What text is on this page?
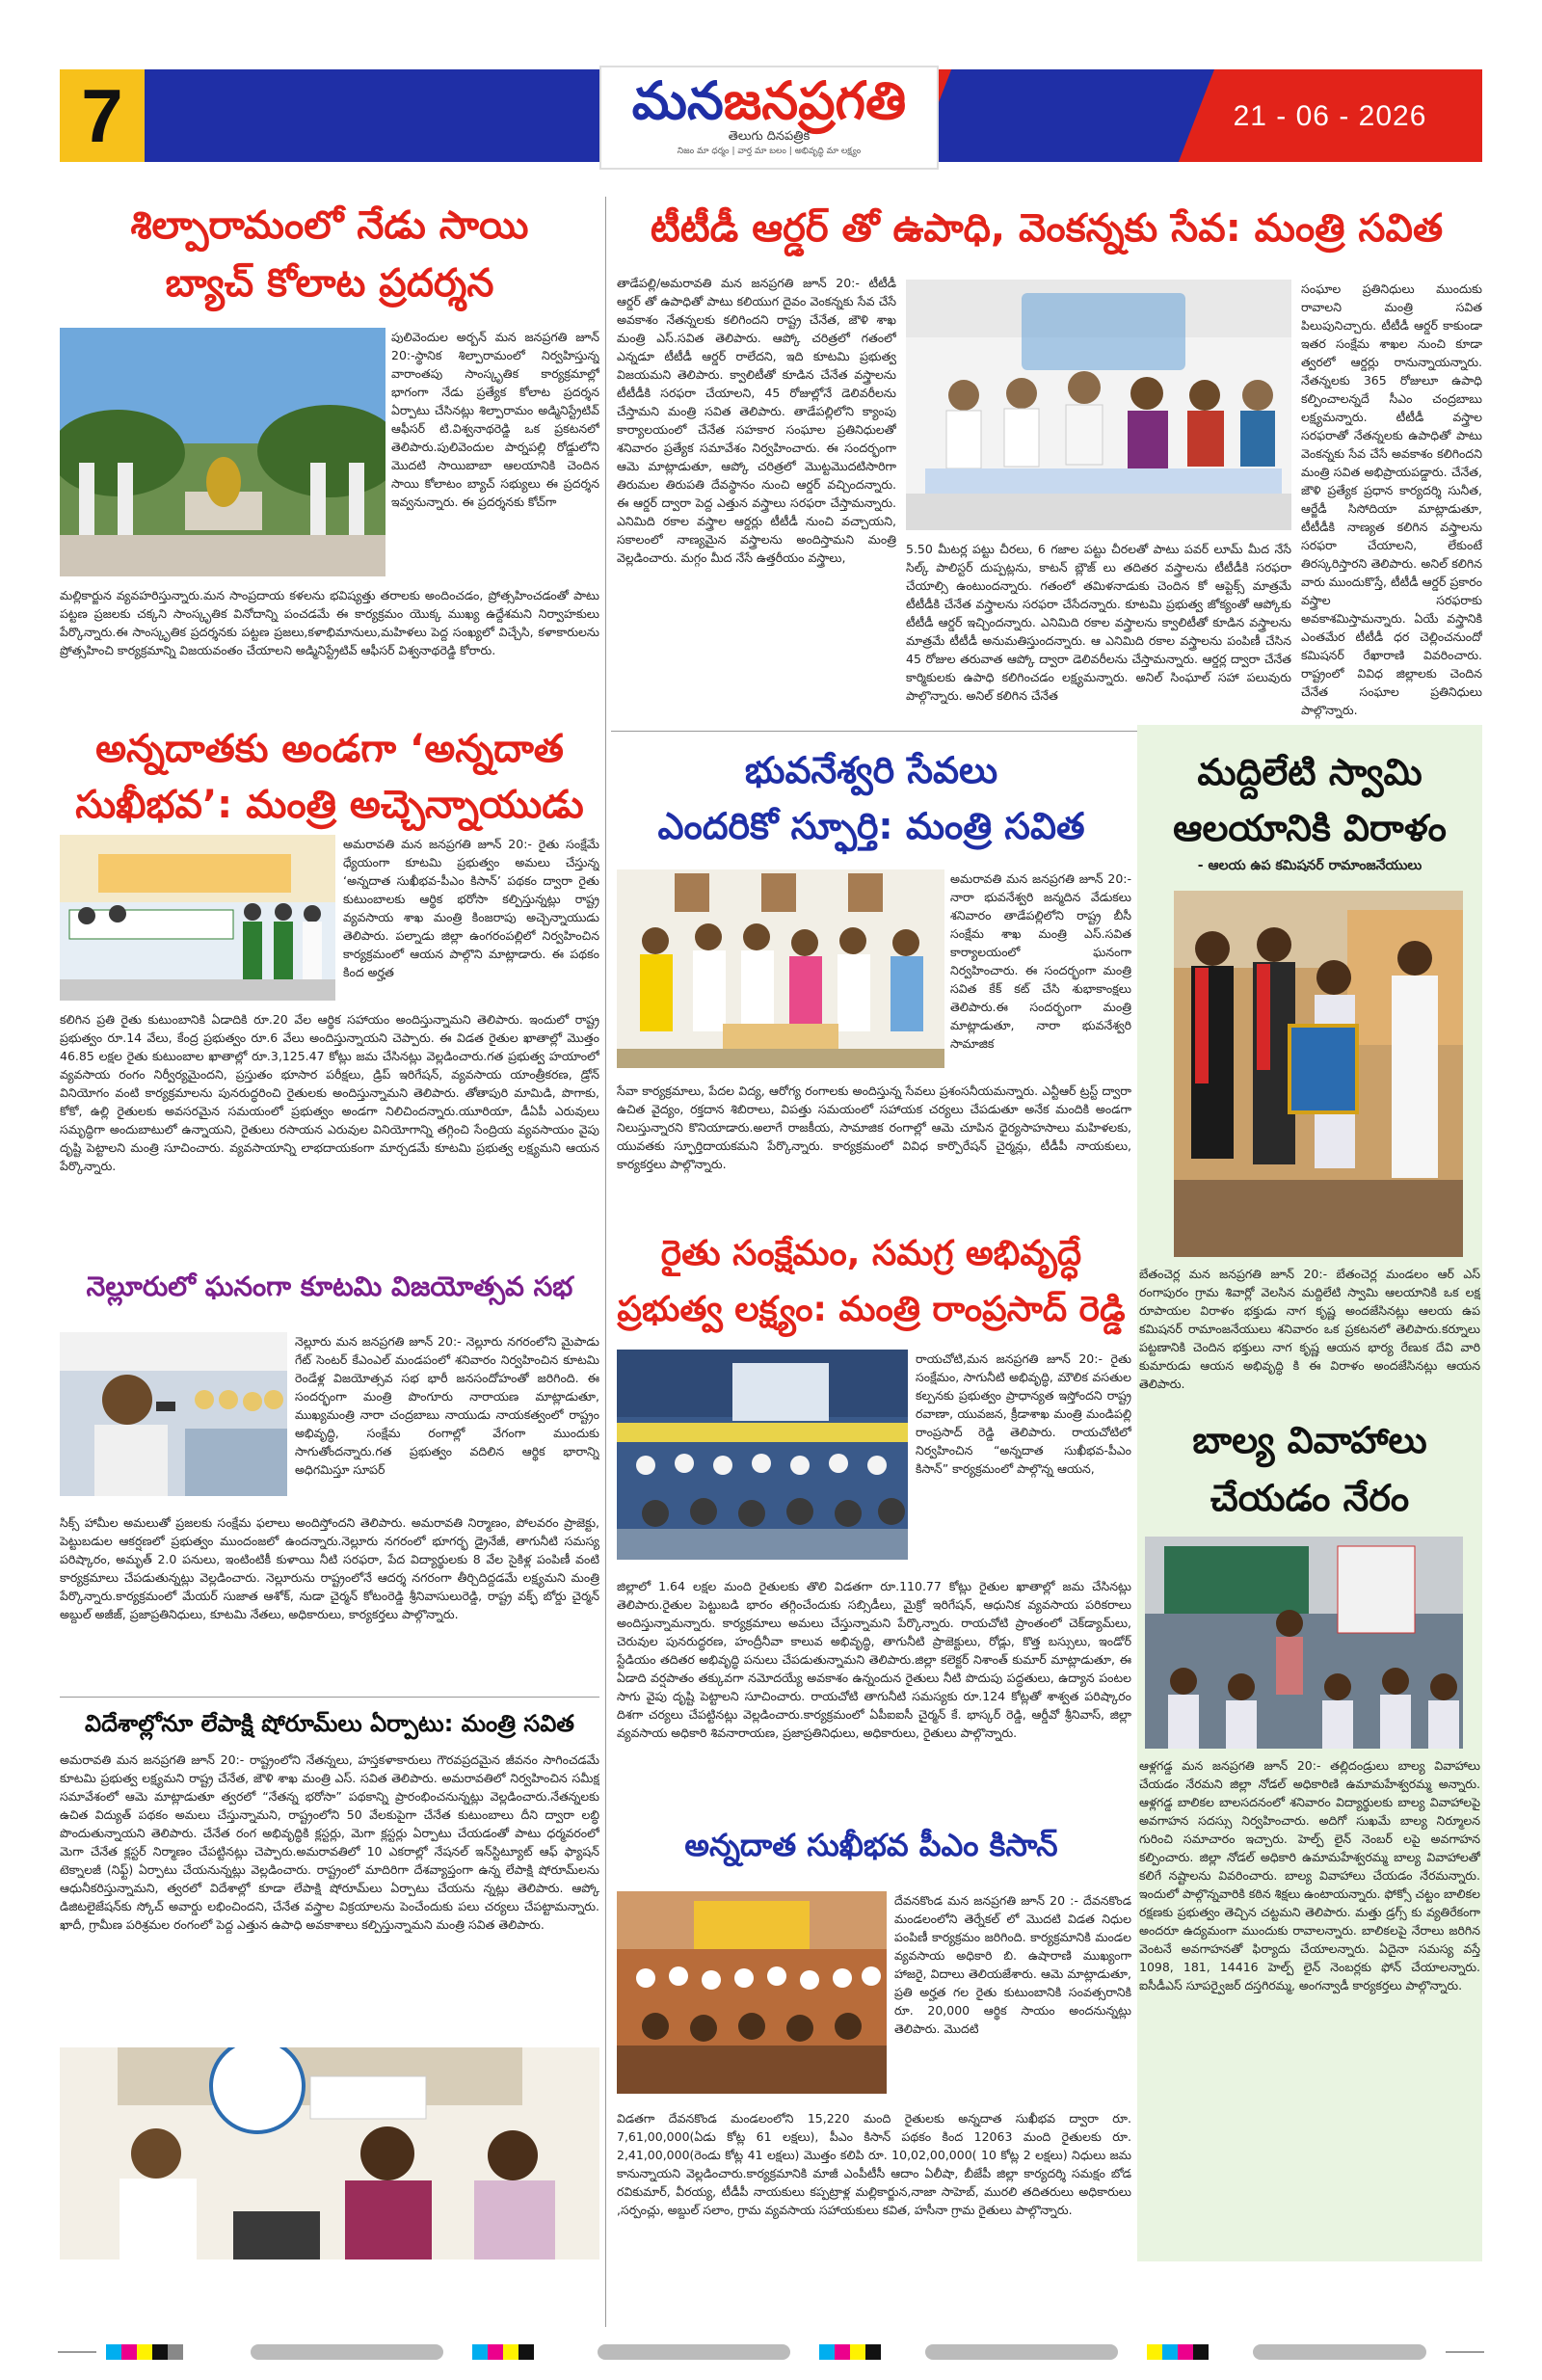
7	మనజనప్రగతి
తెలుగు దినపత్రిక
నిజం మా ధర్మం | వార్త మా బలం | అభివృద్ధి మా లక్ష్యం
21 - 06 - 2026
శిల్పారామంలో నేడు సాయి
బ్యాచ్ కోలాట ప్రదర్శన
పులివెందుల అర్బన్ మన జనప్రగతి జూన్ 20:-స్థానిక శిల్పారామంలో నిర్వహిస్తున్న వారాంతపు సాంస్కృతిక కార్యక్రమాల్లో భాగంగా నేడు ప్రత్యేక కోలాట ప్రదర్శన ఏర్పాటు చేసినట్లు శిల్పారామం అడ్మినిస్ట్రేటివ్ ఆఫీసర్ టి.విశ్వనాథరెడ్డి ఒక ప్రకటనలో తెలిపారు.పులివెందుల పార్నపల్లి రోడ్డులోని మొదటి సాయిబాబా ఆలయానికి చెందిన సాయి కోలాటం బ్యాచ్ సభ్యులు ఈ ప్రదర్శన ఇవ్వనున్నారు. ఈ ప్రదర్శనకు కోచ్‌గా
మల్లికార్జున వ్యవహరిస్తున్నారు.మన సాంప్రదాయ కళలను భవిష్యత్తు తరాలకు అందించడం, ప్రోత్సహించడంతో పాటు పట్టణ ప్రజలకు చక్కని సాంస్కృతిక వినోదాన్ని పంచడమే ఈ కార్యక్రమం యొక్క ముఖ్య ఉద్దేశమని నిర్వాహకులు పేర్కొన్నారు.ఈ సాంస్కృతిక ప్రదర్శనకు పట్టణ ప్రజలు,కళాభిమానులు,మహిళలు పెద్ద సంఖ్యలో విచ్చేసి, కళాకారులను ప్రోత్సహించి కార్యక్రమాన్ని విజయవంతం చేయాలని అడ్మినిస్ట్రేటివ్ ఆఫీసర్ విశ్వనాథరెడ్డి కోరారు.
టీటీడీ ఆర్డర్ తో ఉపాధి, వెంకన్నకు సేవ: మంత్రి సవిత
తాడేపల్లి/అమరావతి మన జనప్రగతి జూన్ 20:- టీటీడీ ఆర్డర్ తో ఉపాధితో పాటు కలియుగ దైవం వెంకన్నకు సేవ చేసే అవకాశం నేతన్నలకు కలిగిందని రాష్ట్ర చేనేత, జౌళి శాఖ మంత్రి ఎస్.సవిత తెలిపారు. ఆప్కో చరిత్రలో గతంలో ఎన్నడూ టీటీడీ ఆర్డర్ రాలేదని, ఇది కూటమి ప్రభుత్వ విజయమని తెలిపారు. క్వాలిటీతో కూడిన చేనేత వస్త్రాలను టీటీడీకి సరఫరా చేయాలని, 45 రోజుల్లోనే డెలివరీలను చేస్తామని మంత్రి సవిత తెలిపారు. తాడేపల్లిలోని క్యాంపు కార్యాలయంలో చేనేత సహకార సంఘాల ప్రతినిధులతో శనివారం ప్రత్యేక సమావేశం నిర్వహించారు. ఈ సందర్భంగా ఆమె మాట్లాడుతూ, ఆప్కో చరిత్రలో మొట్టమొదటిసారిగా తిరుమల తిరుపతి దేవస్థానం నుంచి ఆర్డర్ వచ్చిందన్నారు. ఈ ఆర్డర్ ద్వారా పెద్ద ఎత్తున వస్త్రాలు సరఫరా చేస్తామన్నారు. ఎనిమిది రకాల వస్త్రాల ఆర్డర్లు టీటీడీ నుంచి వచ్చాయని, సకాలంలో నాణ్యమైన వస్త్రాలను అందిస్తామని మంత్రి వెల్లడించారు. మగ్గం మీద నేసే ఉత్తరీయం వస్త్రాలు,
5.50 మీటర్ల పట్టు చీరలు, 6 గజాల పట్టు చీరలతో పాటు పవర్ లూమ్ మీద నేసే సిల్క్ పాలిస్టర్ దుప్పట్లను, కాటన్ బ్లౌజ్ లు తదితర వస్త్రాలను టీటీడీకి సరఫరా చేయాల్సి ఉంటుందన్నారు. గతంలో తమిళనాడుకు చెందిన కో ఆప్టెక్స్ మాత్రమే టీటీడీకి చేనేత వస్త్రాలను సరఫరా చేసేదన్నారు. కూటమి ప్రభుత్వ జోక్యంతో ఆప్కోకు టీటీడీ ఆర్డర్ ఇచ్చిందన్నారు. ఎనిమిది రకాల వస్త్రాలను క్వాలిటీతో కూడిన వస్త్రాలను మాత్రమే టీటీడీ అనుమతిస్తుందన్నారు. ఆ ఎనిమిది రకాల వస్త్రాలను పంపిణీ చేసిన 45 రోజుల తరువాత ఆప్కో ద్వారా డెలివరీలను చేస్తామన్నారు. ఆర్డర్ల ద్వారా చేనేత కార్మికులకు ఉపాధి కలిగించడం లక్ష్యమన్నారు. అనిల్ సింఘాల్ సహా పలువురు పాల్గొన్నారు. అనిల్ కలిగిన చేనేత
సంఘాల ప్రతినిధులు ముందుకు రావాలని మంత్రి సవిత పిలుపునిచ్చారు. టీటీడీ ఆర్డర్ కాకుండా ఇతర సంక్షేమ శాఖల నుంచి కూడా త్వరలో ఆర్డర్లు రానున్నాయన్నారు. నేతన్నలకు 365 రోజులూ ఉపాధి కల్పించాలన్నదే సీఎం చంద్రబాబు లక్ష్యమన్నారు. టీటీడీ వస్త్రాల సరఫరాతో నేతన్నలకు ఉపాధితో పాటు వెంకన్నకు సేవ చేసే అవకాశం కలిగిందని మంత్రి సవిత అభిప్రాయపడ్డారు. చేనేత, జౌళి ప్రత్యేక ప్రధాన కార్యదర్శి సునీత, ఆర్జేడీ సిసోదియా మాట్లాడుతూ, టీటీడీకి నాణ్యత కలిగిన వస్త్రాలను సరఫరా చేయాలని, లేకుంటే తిరస్కరిస్తారని తెలిపారు. అనిల్ కలిగిన వారు ముందుకొస్తే, టీటీడీ ఆర్డర్ ప్రకారం వస్త్రాల సరఫరాకు అవకాశమిస్తామన్నారు. ఏయే వస్త్రానికి ఎంతమేర టీటీడీ ధర చెల్లించనుందో కమిషనర్ రేఖారాణి వివరించారు. రాష్ట్రంలో వివిధ జిల్లాలకు చెందిన చేనేత సంఘాల ప్రతినిధులు పాల్గొన్నారు.
అన్నదాతకు అండగా ‘అన్నదాత
సుఖీభవ’: మంత్రి అచ్చెన్నాయుడు
అమరావతి మన జనప్రగతి జూన్ 20:- రైతు సంక్షేమే ధ్యేయంగా కూటమి ప్రభుత్వం అమలు చేస్తున్న ‘అన్నదాత సుఖీభవ-పీఎం కిసాన్’ పథకం ద్వారా రైతు కుటుంబాలకు ఆర్థిక భరోసా కల్పిస్తున్నట్లు రాష్ట్ర వ్యవసాయ శాఖ మంత్రి కింజరాపు అచ్చెన్నాయుడు తెలిపారు. పల్నాడు జిల్లా ఉంగరంపల్లిలో నిర్వహించిన కార్యక్రమంలో ఆయన పాల్గొని మాట్లాడారు. ఈ పథకం కింద అర్హత
కలిగిన ప్రతి రైతు కుటుంబానికి ఏడాదికి రూ.20 వేల ఆర్థిక సహాయం అందిస్తున్నామని తెలిపారు. ఇందులో రాష్ట్ర ప్రభుత్వం రూ.14 వేలు, కేంద్ర ప్రభుత్వం రూ.6 వేలు అందిస్తున్నాయని చెప్పారు. ఈ విడత రైతుల ఖాతాల్లో మొత్తం 46.85 లక్షల రైతు కుటుంబాల ఖాతాల్లో రూ.3,125.47 కోట్లు జమ చేసినట్లు వెల్లడించారు.గత ప్రభుత్వ హయాంలో వ్యవసాయ రంగం నిర్వీర్యమైందని, ప్రస్తుతం భూసార పరీక్షలు, డ్రిప్ ఇరిగేషన్, వ్యవసాయ యాంత్రీకరణ, డ్రోన్ వినియోగం వంటి కార్యక్రమాలను పునరుద్ధరించి రైతులకు అందిస్తున్నామని తెలిపారు. తోతాపురి మామిడి, పొగాకు, కోకో, ఉల్లి రైతులకు అవసరమైన సమయంలో ప్రభుత్వం అండగా నిలిచిందన్నారు.యూరియా, డీఏపీ ఎరువులు సమృద్ధిగా అందుబాటులో ఉన్నాయని, రైతులు రసాయన ఎరువుల వినియోగాన్ని తగ్గించి సేంద్రియ వ్యవసాయం వైపు దృష్టి పెట్టాలని మంత్రి సూచించారు. వ్యవసాయాన్ని లాభదాయకంగా మార్చడమే కూటమి ప్రభుత్వ లక్ష్యమని ఆయన పేర్కొన్నారు.
భువనేశ్వరి సేవలు
ఎందరికో స్ఫూర్తి: మంత్రి సవిత
అమరావతి మన జనప్రగతి జూన్ 20:- నారా భువనేశ్వరి జన్మదిన వేడుకలు శనివారం తాడేపల్లిలోని రాష్ట్ర బీసీ సంక్షేమ శాఖ మంత్రి ఎస్.సవిత కార్యాలయంలో ఘనంగా నిర్వహించారు. ఈ సందర్భంగా మంత్రి సవిత కేక్ కట్ చేసి శుభాకాంక్షలు తెలిపారు.ఈ సందర్భంగా మంత్రి మాట్లాడుతూ, నారా భువనేశ్వరి సామాజిక
సేవా కార్యక్రమాలు, పేదల విద్య, ఆరోగ్య రంగాలకు అందిస్తున్న సేవలు ప్రశంసనీయమన్నారు. ఎన్టీఆర్ ట్రస్ట్ ద్వారా ఉచిత వైద్యం, రక్తదాన శిబిరాలు, విపత్తు సమయంలో సహాయక చర్యలు చేపడుతూ అనేక మందికి అండగా నిలుస్తున్నారని కొనియాడారు.అలాగే రాజకీయ, సామాజిక రంగాల్లో ఆమె చూపిన ధైర్యసాహసాలు మహిళలకు, యువతకు స్ఫూర్తిదాయకమని పేర్కొన్నారు. కార్యక్రమంలో వివిధ కార్పొరేషన్ చైర్మన్లు, టీడీపీ నాయకులు, కార్యకర్తలు పాల్గొన్నారు.
మద్దిలేటి స్వామి
ఆలయానికి విరాళం
- ఆలయ ఉప కమిషనర్ రామాంజనేయులు
బేతంచెర్ల మన జనప్రగతి జూన్ 20:- బేతంచెర్ల మండలం ఆర్ ఎస్ రంగాపురం గ్రామ శివార్లో వెలసిన మద్దిలేటి స్వామి ఆలయానికి ఒక లక్ష రూపాయల విరాళం భక్తుడు నాగ కృష్ణ అందజేసినట్లు ఆలయ ఉప కమిషనర్ రామాంజనేయులు శనివారం ఒక ప్రకటనలో తెలిపారు.కర్నూలు పట్టణానికి చెందిన భక్తులు నాగ కృష్ణ ఆయన భార్య రేణుక దేవి వారి కుమారుడు ఆయన అభివృద్ధి కి ఈ విరాళం అందజేసినట్లు ఆయన తెలిపారు.
నెల్లూరులో ఘనంగా కూటమి విజయోత్సవ సభ
నెల్లూరు మన జనప్రగతి జూన్ 20:- నెల్లూరు నగరంలోని మైపాడు గేట్ సెంటర్ కేఎంఎల్ మండపంలో శనివారం నిర్వహించిన కూటమి రెండేళ్ల విజయోత్సవ సభ భారీ జనసందోహంతో జరిగింది. ఈ సందర్భంగా మంత్రి పొంగూరు నారాయణ మాట్లాడుతూ, ముఖ్యమంత్రి నారా చంద్రబాబు నాయుడు నాయకత్వంలో రాష్ట్రం అభివృద్ధి, సంక్షేమ రంగాల్లో వేగంగా ముందుకు సాగుతోందన్నారు.గత ప్రభుత్వం వదిలిన ఆర్థిక భారాన్ని అధిగమిస్తూ సూపర్
సిక్స్ హామీల అమలుతో ప్రజలకు సంక్షేమ ఫలాలు అందిస్తోందని తెలిపారు. అమరావతి నిర్మాణం, పోలవరం ప్రాజెక్టు, పెట్టుబడుల ఆకర్షణలో ప్రభుత్వం ముందంజలో ఉందన్నారు.నెల్లూరు నగరంలో భూగర్భ డ్రైనేజీ, తాగునీటి సమస్య పరిష్కారం, అమృత్ 2.0 పనులు, ఇంటింటికీ కుళాయి నీటి సరఫరా, పేద విద్యార్థులకు 8 వేల సైకిళ్ల పంపిణీ వంటి కార్యక్రమాలు చేపడుతున్నట్లు వెల్లడించారు. నెల్లూరును రాష్ట్రంలోనే ఆదర్శ నగరంగా తీర్చిదిద్దడమే లక్ష్యమని మంత్రి పేర్కొన్నారు.కార్యక్రమంలో మేయర్ సుజాత ఆశోక్, నుడా చైర్మన్ కోటంరెడ్డి శ్రీనివాసులురెడ్డి, రాష్ట్ర వక్ఫ్ బోర్డు చైర్మన్ అబ్దుల్ అజీజ్, ప్రజాప్రతినిధులు, కూటమి నేతలు, అధికారులు, కార్యకర్తలు పాల్గొన్నారు.
రైతు సంక్షేమం, సమగ్ర అభివృద్ధే
ప్రభుత్వ లక్ష్యం: మంత్రి రాంప్రసాద్ రెడ్డి
రాయచోటి,మన జనప్రగతి జూన్ 20:- రైతు సంక్షేమం, సాగునీటి అభివృద్ధి, మౌలిక వసతుల కల్పనకు ప్రభుత్వం ప్రాధాన్యత ఇస్తోందని రాష్ట్ర రవాణా, యువజన, క్రీడాశాఖ మంత్రి మండిపల్లి రాంప్రసాద్ రెడ్డి తెలిపారు. రాయచోటిలో నిర్వహించిన “అన్నదాత సుఖీభవ-పీఎం కిసాన్” కార్యక్రమంలో పాల్గొన్న ఆయన,
జిల్లాలో 1.64 లక్షల మంది రైతులకు తొలి విడతగా రూ.110.77 కోట్లు రైతుల ఖాతాల్లో జమ చేసినట్లు తెలిపారు.రైతుల పెట్టుబడి భారం తగ్గించేందుకు సబ్సిడీలు, మైక్రో ఇరిగేషన్, ఆధునిక వ్యవసాయ పరికరాలు అందిస్తున్నామన్నారు. కార్యక్రమాలు అమలు చేస్తున్నామని పేర్కొన్నారు. రాయచోటి ప్రాంతంలో చెక్‌డ్యామ్‌లు, చెరువుల పునరుద్ధరణ, హంద్రీనీవా కాలువ అభివృద్ధి, తాగునీటి ప్రాజెక్టులు, రోడ్లు, కొత్త బస్సులు, ఇండోర్ స్టేడియం తదితర అభివృద్ధి పనులు చేపడుతున్నామని తెలిపారు.జిల్లా కలెక్టర్ నిశాంత్ కుమార్ మాట్లాడుతూ, ఈ ఏడాది వర్షపాతం తక్కువగా నమోదయ్యే అవకాశం ఉన్నందున రైతులు నీటి పొదుపు పద్ధతులు, ఉద్యాన పంటల సాగు వైపు దృష్టి పెట్టాలని సూచించారు. రాయచోటి తాగునీటి సమస్యకు రూ.124 కోట్లతో శాశ్వత పరిష్కారం దిశగా చర్యలు చేపట్టినట్లు వెల్లడించారు.కార్యక్రమంలో ఏపీఐఐసీ చైర్మన్ కే. భాస్కర్ రెడ్డి, ఆర్డీవో శ్రీనివాస్, జిల్లా వ్యవసాయ అధికారి శివనారాయణ, ప్రజాప్రతినిధులు, అధికారులు, రైతులు పాల్గొన్నారు.
విదేశాల్లోనూ లేపాక్షి షోరూమ్‌లు ఏర్పాటు: మంత్రి సవిత
అమరావతి మన జనప్రగతి జూన్ 20:- రాష్ట్రంలోని నేతన్నలు, హస్తకళాకారులు గౌరవప్రదమైన జీవనం సాగించడమే కూటమి ప్రభుత్వ లక్ష్యమని రాష్ట్ర చేనేత, జౌళి శాఖ మంత్రి ఎస్. సవిత తెలిపారు. అమరావతిలో నిర్వహించిన సమీక్ష సమావేశంలో ఆమె మాట్లాడుతూ త్వరలో “నేతన్న భరోసా” పథకాన్ని ప్రారంభించనున్నట్లు వెల్లడించారు.నేతన్నలకు ఉచిత విద్యుత్ పథకం అమలు చేస్తున్నామని, రాష్ట్రంలోని 50 వేలకుపైగా చేనేత కుటుంబాలు దీని ద్వారా లబ్ధి పొందుతున్నాయని తెలిపారు. చేనేత రంగ అభివృద్ధికి క్లస్టర్లు, మెగా క్లస్టర్లు ఏర్పాటు చేయడంతో పాటు ధర్మవరంలో మెగా చేనేత క్లస్టర్ నిర్మాణం చేపట్టినట్లు చెప్పారు.అమరావతిలో 10 ఎకరాల్లో నేషనల్ ఇన్‌స్టిట్యూట్ ఆఫ్ ఫ్యాషన్ టెక్నాలజీ (నిఫ్ట్) ఏర్పాటు చేయనున్నట్లు వెల్లడించారు. రాష్ట్రంలో మాదిరిగా దేశవ్యాప్తంగా ఉన్న లేపాక్షి షోరూమ్‌లను ఆధునీకరిస్తున్నామని, త్వరలో విదేశాల్లో కూడా లేపాక్షి షోరూమ్‌లు ఏర్పాటు చేయను న్నట్లు తెలిపారు. ఆప్కో డిజిటలైజేషన్‌కు స్కోచ్ అవార్డు లభించిందని, చేనేత వస్త్రాల విక్రయాలను పెంచేందుకు పలు చర్యలు చేపట్టామన్నారు. ఖాదీ, గ్రామీణ పరిశ్రమల రంగంలో పెద్ద ఎత్తున ఉపాధి అవకాశాలు కల్పిస్తున్నామని మంత్రి సవిత తెలిపారు.
అన్నదాత సుఖీభవ పీఎం కిసాన్
దేవనకొండ మన జనప్రగతి జూన్ 20 :- దేవనకొండ మండలంలోని తెర్నేకల్ లో మొదటి విడత నిధుల పంపిణీ కార్యక్రమం జరిగింది. కార్యక్రమానికి మండల వ్యవసాయ అధికారి బి. ఉషారాణి ముఖ్యంగా హాజరై, విదాలు తెలియజేశారు. ఆమె మాట్లాడుతూ, ప్రతి అర్హత గల రైతు కుటుంబానికి సంవత్సరానికి రూ. 20,000 ఆర్థిక సాయం అందనున్నట్లు తెలిపారు. మొదటి
విడతగా దేవనకొండ మండలంలోని 15,220 మంది రైతులకు అన్నదాత సుఖీభవ ద్వారా రూ. 7,61,00,000(ఏడు కోట్ల 61 లక్షలు), పీఎం కిసాన్ పథకం కింద 12063 మంది రైతులకు రూ. 2,41,00,000(రెండు కోట్ల 41 లక్షలు) మొత్తం కలిపి రూ. 10,02,00,000( 10 కోట్ల 2 లక్షలు) నిధులు జమ కానున్నాయని వెల్లడించారు.కార్యక్రమానికి మాజీ ఎంపీటీసీ ఆదాం ఏలీషా, బీజేపీ జిల్లా కార్యదర్శి సమక్షం బోడ రవికుమార్, వీరయ్య, టీడీపీ నాయకులు కప్పట్రాళ్ల మల్లికార్జున,నాజా సాహెబ్, మురలి తదితరులు అధికారులు ,సర్పంచ్లు, అబ్దుల్ సలాం, గ్రామ వ్యవసాయ సహాయకులు కవిత, హసీనా గ్రామ రైతులు పాల్గొన్నారు.
బాల్య వివాహాలు
చేయడం నేరం
ఆళ్లగడ్డ మన జనప్రగతి జూన్ 20:- తల్లిదండ్రులు బాల్య వివాహాలు చేయడం నేరమని జిల్లా నోడల్ అధికారిణి ఉమామహేశ్వరమ్మ అన్నారు. ఆళ్లగడ్డ బాలికల బాలసదనంలో శనివారం విద్యార్థులకు బాల్య వివాహాలపై అవగాహన సదస్సు నిర్వహించారు. అదిగో సుఖమే బాల్య నిర్మూలన గురించి సమాచారం ఇచ్చారు. హెల్ప్ లైన్ నెంబర్ లపై అవగాహన కల్పించారు. జిల్లా నోడల్ అధికారి ఉమామహేశ్వరమ్మ బాల్య వివాహాలతో కలిగే నష్టాలను వివరించారు. బాల్య వివాహాలు చేయడం నేరమన్నారు. ఇందులో పాల్గొన్నవారికి కఠిన శిక్షలు ఉంటాయన్నారు. ఫోక్సో చట్టం బాలికల రక్షణకు ప్రభుత్వం తెచ్చిన చట్టమని తెలిపారు. మత్తు డ్రగ్స్ కు వ్యతిరేకంగా అందరూ ఉద్యమంగా ముందుకు రావాలన్నారు. బాలికలపై నేరాలు జరిగిన వెంటనే అవగాహనతో ఫిర్యాదు చేయాలన్నారు. ఏదైనా సమస్య వస్తే 1098, 181, 14416 హెల్ప్ లైన్ నెంబర్లకు ఫోన్ చేయాలన్నారు. ఐసీడీఎస్ సూపర్వైజర్ దస్తగిరమ్మ, అంగన్వాడీ కార్యకర్తలు పాల్గొన్నారు.
